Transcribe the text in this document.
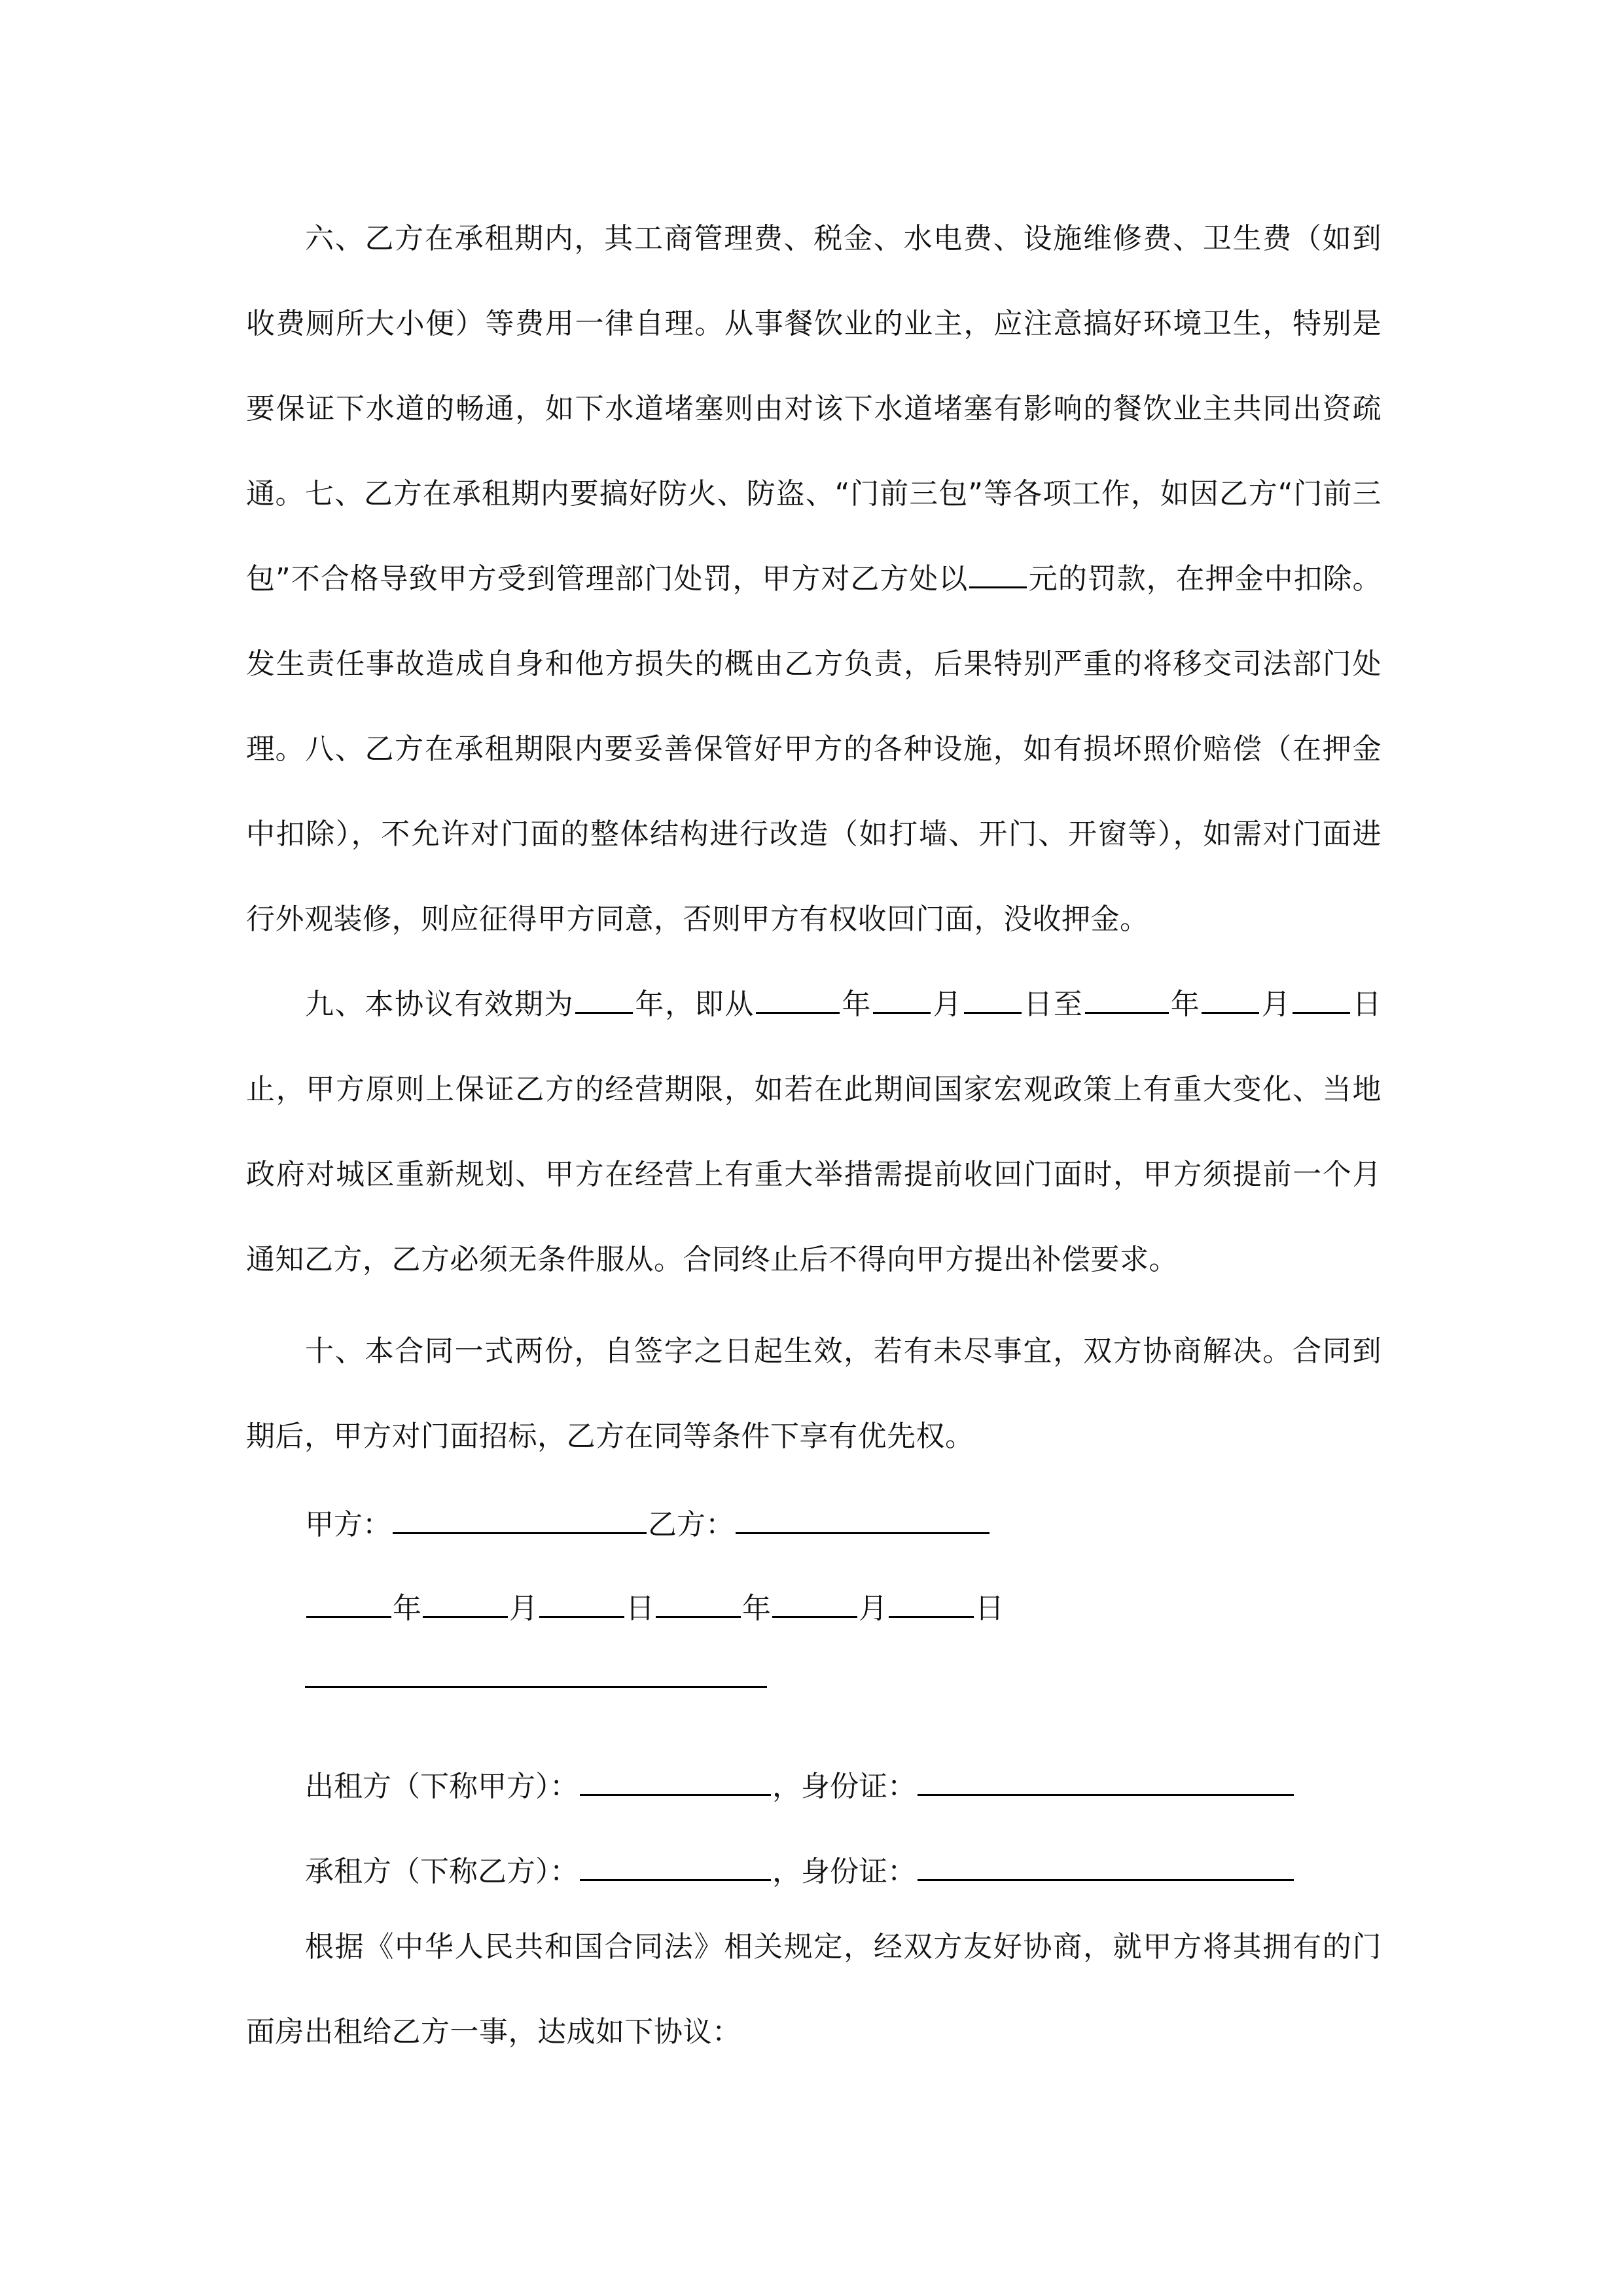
六、乙方在承租期内，其工商管理费、税金、水电费、设施维修费、卫生费（如到收费厕所大小便）等费用一律自理。从事餐饮业的业主，应注意搞好环境卫生，特别是要保证下水道的畅通，如下水道堵塞则由对该下水道堵塞有影响的餐饮业主共同出资疏通。 七、乙方在承租期内要搞好防火、防盗、“门前三包”等各项工作，如因乙方“门前三包”不合格导致甲方受到管理部门处罚，甲方对乙方处以 元的罚款，在押金中扣除。发生责任事故造成自身和他方损失的概由乙方负责，后果特别严重的将移交司法部门处理。 八、乙方在承租期限内要妥善保管好甲方的各种设施，如有损坏照价赔偿（在押金中扣除），不允许对门面的整体结构进行改造（如打墙、开门、开窗等），如需对门面进行外观装修，则应征得甲方同意，否则甲方有权收回门面，没收押金。
九、本协议有效期为 年，即从	年 月 日至	年 月 日止，甲方原则上保证乙方的经营期限，如若在此期间国家宏观政策上有重大变化、当地政府对城区重新规划、甲方在经营上有重大举措需提前收回门面时，甲方须提前一个月通知乙方，乙方必须无条件服从。合同终止后不得向甲方提出补偿要求。
十、本合同一式两份，自签字之日起生效，若有未尽事宜，双方协商解决。合同到期后，甲方对门面招标，乙方在同等条件下享有优先权。
甲方：	乙方：
年	月	日	年	月	日
出租方（下称甲方）：	，身份证：
承租方（下称乙方）：	，身份证：
根据《中华人民共和国合同法》相关规定，经双方友好协商，就甲方将其拥有的门面房出租给乙方一事，达成如下协议：
